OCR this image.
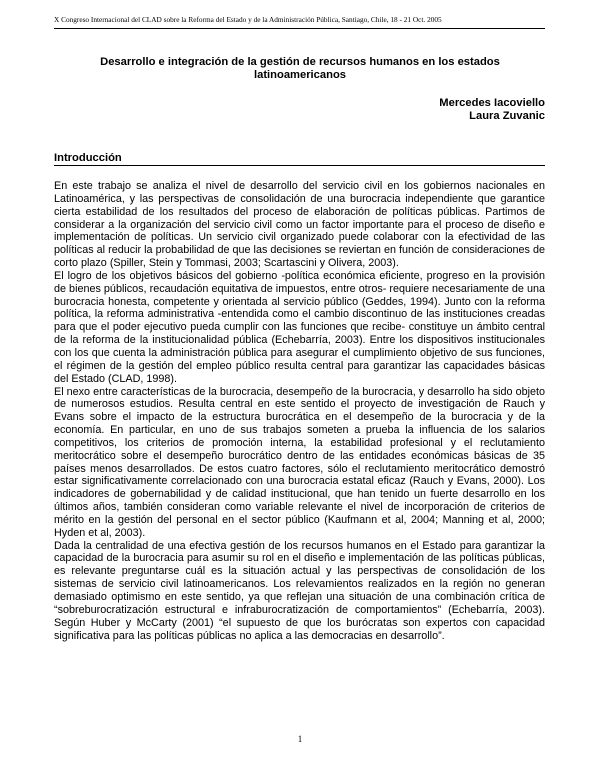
X Congreso Internacional del CLAD sobre la Reforma del Estado y de la Administración Pública, Santiago, Chile, 18 - 21 Oct. 2005
Desarrollo e integración de la gestión de recursos humanos en los estados
latinoamericanos
Mercedes Iacoviello
Laura Zuvanic
Introducción

En este trabajo se analiza el nivel de desarrollo del servicio civil en los gobiernos nacionales en Latinoamérica, y las perspectivas de consolidación de una burocracia independiente que garantice cierta estabilidad de los resultados del proceso de elaboración de políticas públicas. Partimos de considerar a la organización del servicio civil como un factor importante para el proceso de diseño e implementación de políticas. Un servicio civil organizado puede colaborar con la efectividad de las políticas al reducir la probabilidad de que las decisiones se reviertan en función de consideraciones de corto plazo (Spiller, Stein y Tommasi, 2003; Scartascini y Olivera, 2003).

El logro de los objetivos básicos del gobierno -política económica eficiente, progreso en la provisión de bienes públicos, recaudación equitativa de impuestos, entre otros- requiere necesariamente de una burocracia honesta, competente y orientada al servicio público (Geddes, 1994). Junto con la reforma política, la reforma administrativa -entendida como el cambio discontinuo de las instituciones creadas para que el poder ejecutivo pueda cumplir con las funciones que recibe- constituye un ámbito central de la reforma de la institucionalidad pública (Echebarría, 2003). Entre los dispositivos institucionales con los que cuenta la administración pública para asegurar el cumplimiento objetivo de sus funciones, el régimen de la gestión del empleo público resulta central para garantizar las capacidades básicas del Estado (CLAD, 1998).

El nexo entre características de la burocracia, desempeño de la burocracia, y desarrollo ha sido objeto de numerosos estudios. Resulta central en este sentido el proyecto de investigación de Rauch y Evans sobre el impacto de la estructura burocrática en el desempeño de la burocracia y de la economía. En particular, en uno de sus trabajos someten a prueba la influencia de los salarios competitivos, los criterios de promoción interna, la estabilidad profesional y el reclutamiento meritocrático sobre el desempeño burocrático dentro de las entidades económicas básicas de 35 países menos desarrollados. De estos cuatro factores, sólo el reclutamiento meritocrático demostró estar significativamente correlacionado con una burocracia estatal eficaz (Rauch y Evans, 2000). Los indicadores de gobernabilidad y de calidad institucional, que han tenido un fuerte desarrollo en los últimos años, también consideran como variable relevante el nivel de incorporación de criterios de mérito en la gestión del personal en el sector público (Kaufmann et al, 2004; Manning et al, 2000; Hyden et al, 2003).

Dada la centralidad de una efectiva gestión de los recursos humanos en el Estado para garantizar la capacidad de la burocracia para asumir su rol en el diseño e implementación de las políticas públicas, es relevante preguntarse cuál es la situación actual y las perspectivas de consolidación de los sistemas de servicio civil latinoamericanos. Los relevamientos realizados en la región no generan demasiado optimismo en este sentido, ya que reflejan una situación de una combinación crítica de “sobreburocratización estructural e infraburocratización de comportamientos” (Echebarría, 2003). Según Huber y McCarty (2001) “el supuesto de que los burócratas son expertos con capacidad significativa para las políticas públicas no aplica a las democracias en desarrollo”.

1
